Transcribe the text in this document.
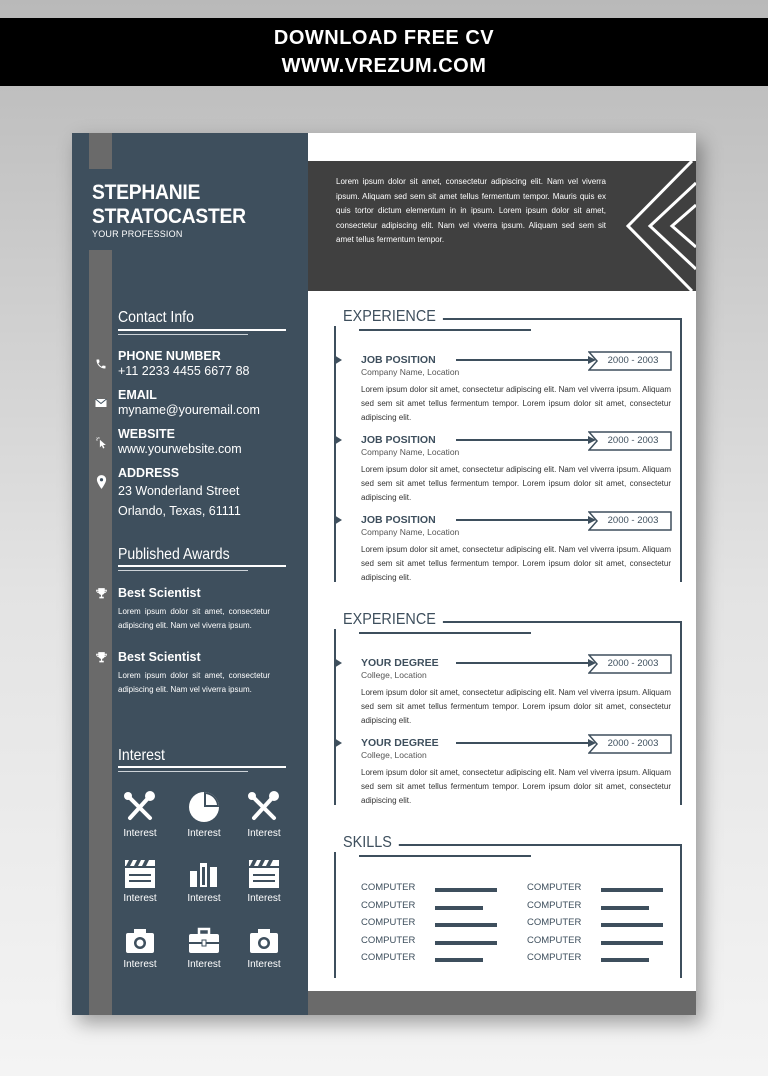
DOWNLOAD FREE CV
WWW.VREZUM.COM
STEPHANIE
STRATOCASTER
YOUR PROFESSION
Contact Info
PHONE NUMBER
+11 2233 4455 6677 88
EMAIL
myname@youremail.com
WEBSITE
www.yourwebsite.com
ADDRESS
23 Wonderland Street
Orlando, Texas, 61111
Published Awards
Best Scientist
Lorem ipsum dolor sit amet, consectetur adipiscing elit. Nam vel viverra ipsum.
Best Scientist
Lorem ipsum dolor sit amet, consectetur adipiscing elit. Nam vel viverra ipsum.
Interest
Interest	Interest	Interest
Interest	Interest	Interest
Interest	Interest	Interest

Lorem ipsum dolor sit amet, consectetur adipiscing elit. Nam vel viverra ipsum. Aliquam sed sem sit amet tellus fermentum tempor. Mauris quis ex quis tortor dictum elementum in in ipsum. Lorem ipsum dolor sit amet, consectetur adipiscing elit. Nam vel viverra ipsum. Aliquam sed sem sit amet tellus fermentum tempor.

EXPERIENCE
JOB POSITION
Company Name, Location
Lorem ipsum dolor sit amet, consectetur adipiscing elit. Nam vel viverra ipsum. Aliquam sed sem sit amet tellus fermentum tempor. Lorem ipsum dolor sit amet, consectetur adipiscing elit.
2000 - 2003
JOB POSITION
Company Name, Location
Lorem ipsum dolor sit amet, consectetur adipiscing elit. Nam vel viverra ipsum. Aliquam sed sem sit amet tellus fermentum tempor. Lorem ipsum dolor sit amet, consectetur adipiscing elit.
2000 - 2003
JOB POSITION
Company Name, Location
Lorem ipsum dolor sit amet, consectetur adipiscing elit. Nam vel viverra ipsum. Aliquam sed sem sit amet tellus fermentum tempor. Lorem ipsum dolor sit amet, consectetur adipiscing elit.
2000 - 2003
EXPERIENCE
YOUR DEGREE
College, Location
Lorem ipsum dolor sit amet, consectetur adipiscing elit. Nam vel viverra ipsum. Aliquam sed sem sit amet tellus fermentum tempor. Lorem ipsum dolor sit amet, consectetur adipiscing elit.
2000 - 2003
YOUR DEGREE
College, Location
Lorem ipsum dolor sit amet, consectetur adipiscing elit. Nam vel viverra ipsum. Aliquam sed sem sit amet tellus fermentum tempor. Lorem ipsum dolor sit amet, consectetur adipiscing elit.
2000 - 2003
SKILLS
COMPUTER
COMPUTER
COMPUTER
COMPUTER
COMPUTER
COMPUTER
COMPUTER
COMPUTER
COMPUTER
COMPUTER
